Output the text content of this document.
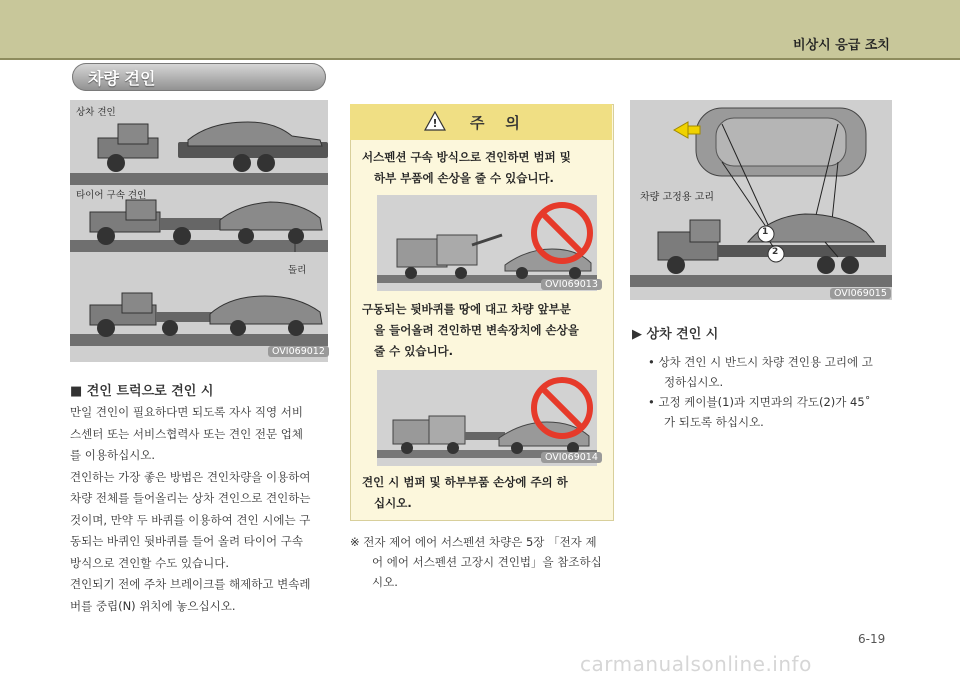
비상시 응급 조치
차량 견인
상차 견인
타이어 구속 견인
돌리
OVI069012
■ 견인 트럭으로 견인 시
만일 견인이 필요하다면 되도록 자사 직영 서비
스센터 또는 서비스협력사 또는 견인 전문 업체
를 이용하십시오.
견인하는 가장 좋은 방법은 견인차량을 이용하여
차량 전체를 들어올리는 상차 견인으로 견인하는
것이며, 만약 두 바퀴를 이용하여 견인 시에는 구
동되는 바퀴인 뒷바퀴를 들어 올려 타이어 구속
방식으로 견인할 수도 있습니다.
견인되기 전에 주차 브레이크를 해제하고 변속레
버를 중립(N) 위치에 놓으십시오.
! 주    의
서스펜션 구속 방식으로 견인하면 범퍼 및
하부 부품에 손상을 줄 수 있습니다.
OVI069013
구동되는 뒷바퀴를 땅에 대고 차량 앞부분
을 들어올려 견인하면 변속장치에 손상을
줄 수 있습니다.
OVI069014
견인 시 범퍼 및 하부부품 손상에 주의 하
십시오.
※ 전자 제어 에어 서스펜션 차량은 5장 「전자 제
어 에어 서스펜션 고장시 견인법」을 참조하십
시오.
1
2
차량 고정용 고리
OVI069015
▶ 상차 견인 시
• 상차 견인 시 반드시 차량 견인용 고리에 고
정하십시오.
• 고정 케이블(1)과 지면과의 각도(2)가 45˚
가 되도록 하십시오.
6-19
carmanualsonline.info
